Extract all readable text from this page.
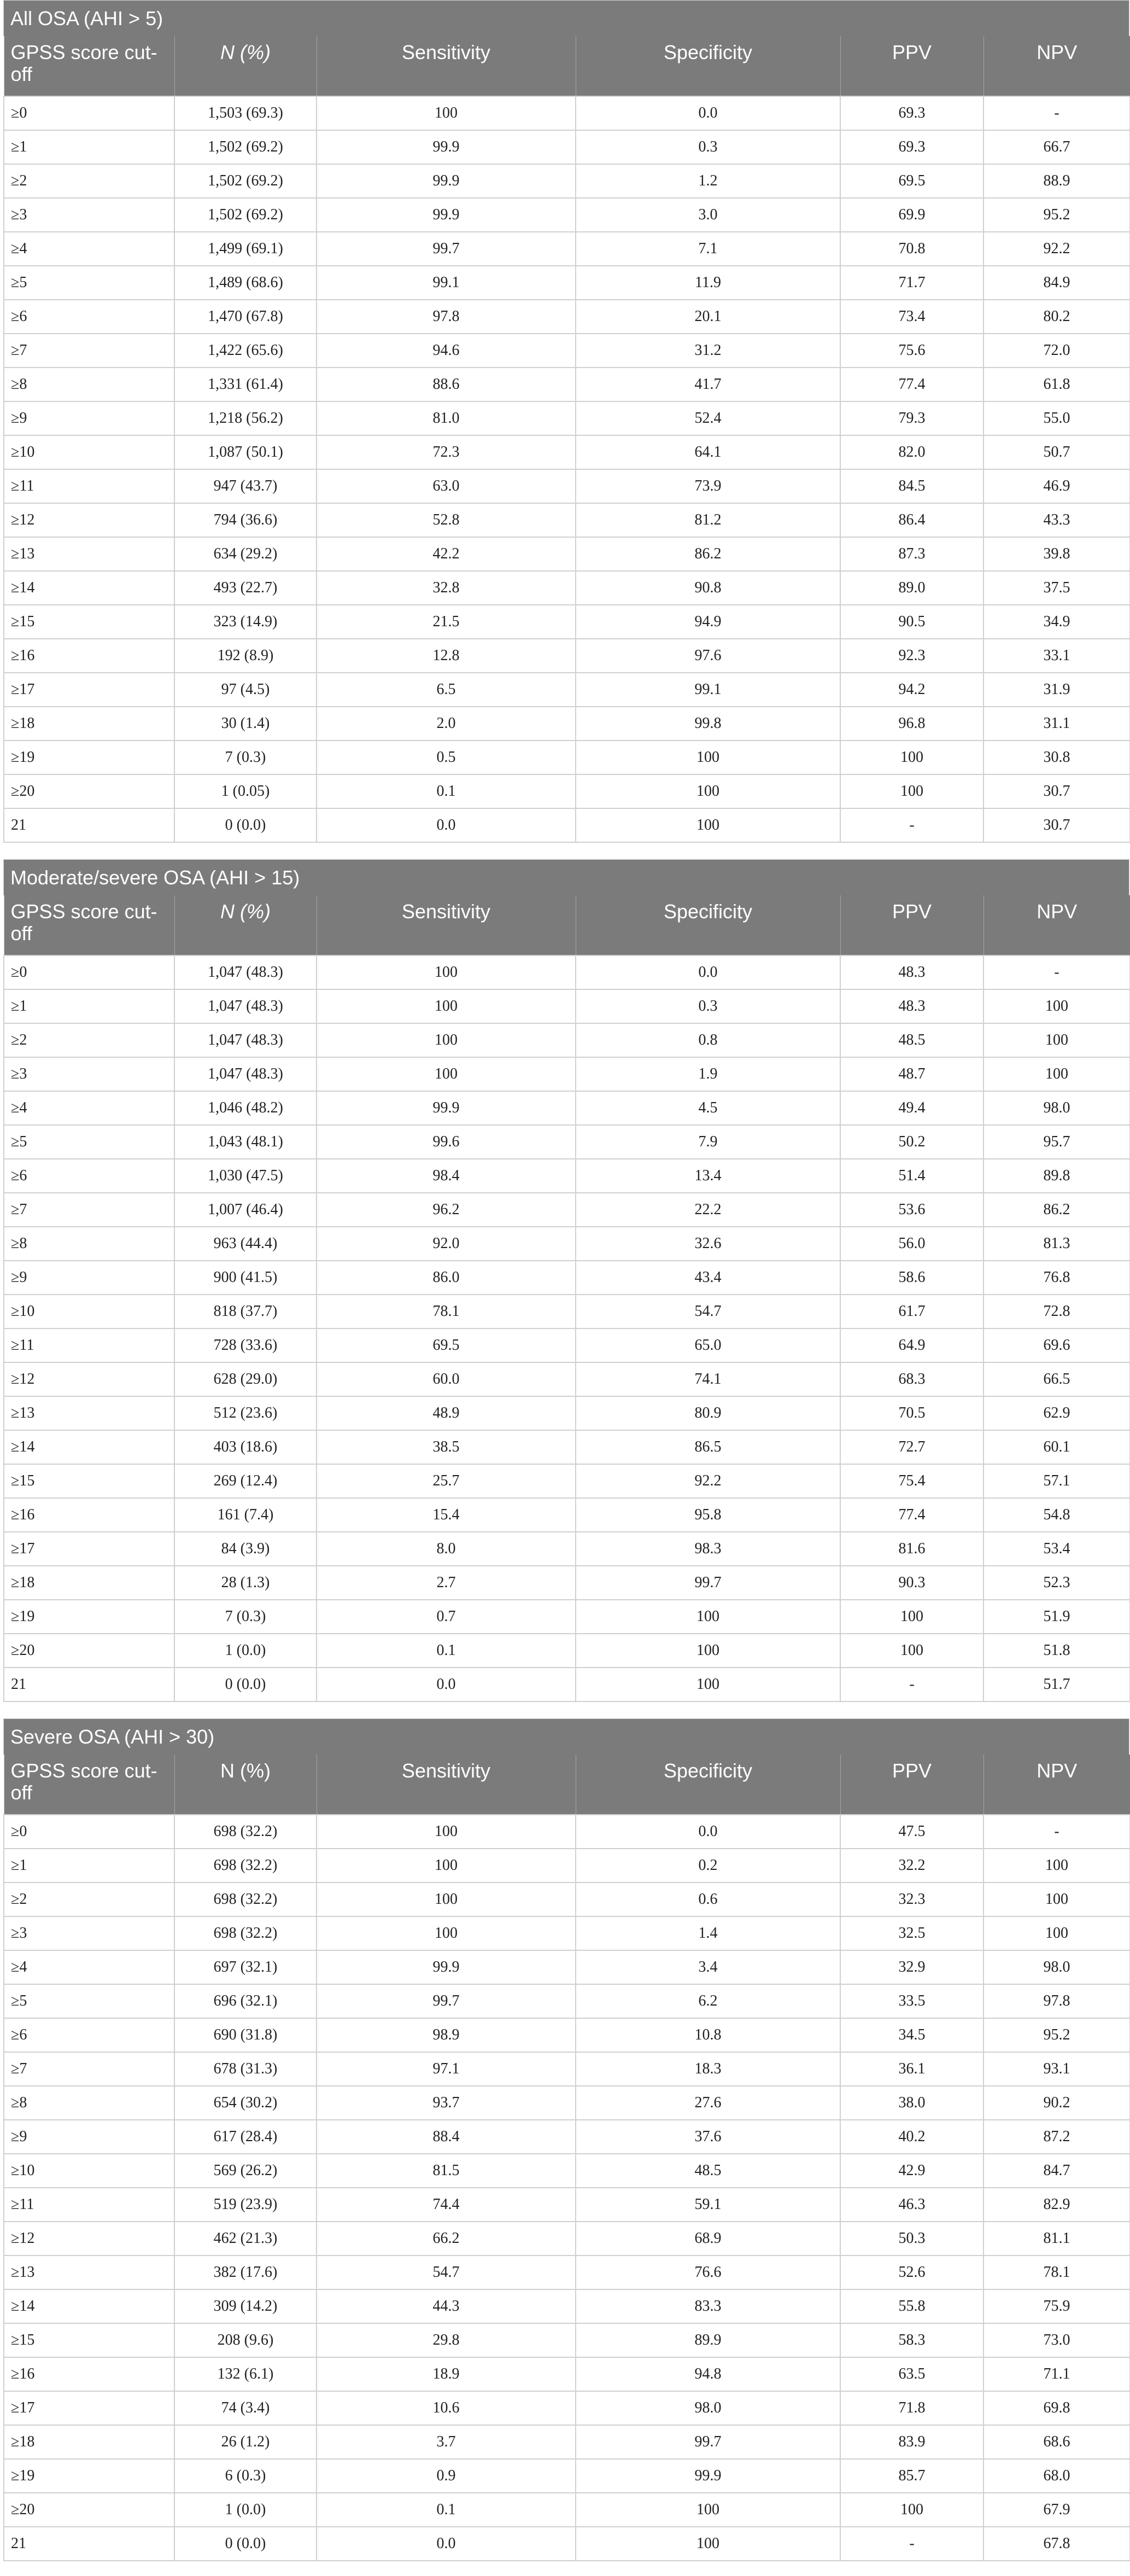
All OSA (AHI > 5)
GPSS score cut-off	N (%)	Sensitivity	Specificity	PPV	NPV
≥0	1,503 (69.3)	100	0.0	69.3	-
≥1	1,502 (69.2)	99.9	0.3	69.3	66.7
≥2	1,502 (69.2)	99.9	1.2	69.5	88.9
≥3	1,502 (69.2)	99.9	3.0	69.9	95.2
≥4	1,499 (69.1)	99.7	7.1	70.8	92.2
≥5	1,489 (68.6)	99.1	11.9	71.7	84.9
≥6	1,470 (67.8)	97.8	20.1	73.4	80.2
≥7	1,422 (65.6)	94.6	31.2	75.6	72.0
≥8	1,331 (61.4)	88.6	41.7	77.4	61.8
≥9	1,218 (56.2)	81.0	52.4	79.3	55.0
≥10	1,087 (50.1)	72.3	64.1	82.0	50.7
≥11	947 (43.7)	63.0	73.9	84.5	46.9
≥12	794 (36.6)	52.8	81.2	86.4	43.3
≥13	634 (29.2)	42.2	86.2	87.3	39.8
≥14	493 (22.7)	32.8	90.8	89.0	37.5
≥15	323 (14.9)	21.5	94.9	90.5	34.9
≥16	192 (8.9)	12.8	97.6	92.3	33.1
≥17	97 (4.5)	6.5	99.1	94.2	31.9
≥18	30 (1.4)	2.0	99.8	96.8	31.1
≥19	7 (0.3)	0.5	100	100	30.8
≥20	1 (0.05)	0.1	100	100	30.7
21	0 (0.0)	0.0	100	-	30.7
Moderate/severe OSA (AHI > 15)
GPSS score cut-off	N (%)	Sensitivity	Specificity	PPV	NPV
≥0	1,047 (48.3)	100	0.0	48.3	-
≥1	1,047 (48.3)	100	0.3	48.3	100
≥2	1,047 (48.3)	100	0.8	48.5	100
≥3	1,047 (48.3)	100	1.9	48.7	100
≥4	1,046 (48.2)	99.9	4.5	49.4	98.0
≥5	1,043 (48.1)	99.6	7.9	50.2	95.7
≥6	1,030 (47.5)	98.4	13.4	51.4	89.8
≥7	1,007 (46.4)	96.2	22.2	53.6	86.2
≥8	963 (44.4)	92.0	32.6	56.0	81.3
≥9	900 (41.5)	86.0	43.4	58.6	76.8
≥10	818 (37.7)	78.1	54.7	61.7	72.8
≥11	728 (33.6)	69.5	65.0	64.9	69.6
≥12	628 (29.0)	60.0	74.1	68.3	66.5
≥13	512 (23.6)	48.9	80.9	70.5	62.9
≥14	403 (18.6)	38.5	86.5	72.7	60.1
≥15	269 (12.4)	25.7	92.2	75.4	57.1
≥16	161 (7.4)	15.4	95.8	77.4	54.8
≥17	84 (3.9)	8.0	98.3	81.6	53.4
≥18	28 (1.3)	2.7	99.7	90.3	52.3
≥19	7 (0.3)	0.7	100	100	51.9
≥20	1 (0.0)	0.1	100	100	51.8
21	0 (0.0)	0.0	100	-	51.7
Severe OSA (AHI > 30)
GPSS score cut-off	N (%)	Sensitivity	Specificity	PPV	NPV
≥0	698 (32.2)	100	0.0	47.5	-
≥1	698 (32.2)	100	0.2	32.2	100
≥2	698 (32.2)	100	0.6	32.3	100
≥3	698 (32.2)	100	1.4	32.5	100
≥4	697 (32.1)	99.9	3.4	32.9	98.0
≥5	696 (32.1)	99.7	6.2	33.5	97.8
≥6	690 (31.8)	98.9	10.8	34.5	95.2
≥7	678 (31.3)	97.1	18.3	36.1	93.1
≥8	654 (30.2)	93.7	27.6	38.0	90.2
≥9	617 (28.4)	88.4	37.6	40.2	87.2
≥10	569 (26.2)	81.5	48.5	42.9	84.7
≥11	519 (23.9)	74.4	59.1	46.3	82.9
≥12	462 (21.3)	66.2	68.9	50.3	81.1
≥13	382 (17.6)	54.7	76.6	52.6	78.1
≥14	309 (14.2)	44.3	83.3	55.8	75.9
≥15	208 (9.6)	29.8	89.9	58.3	73.0
≥16	132 (6.1)	18.9	94.8	63.5	71.1
≥17	74 (3.4)	10.6	98.0	71.8	69.8
≥18	26 (1.2)	3.7	99.7	83.9	68.6
≥19	6 (0.3)	0.9	99.9	85.7	68.0
≥20	1 (0.0)	0.1	100	100	67.9
21	0 (0.0)	0.0	100	-	67.8
